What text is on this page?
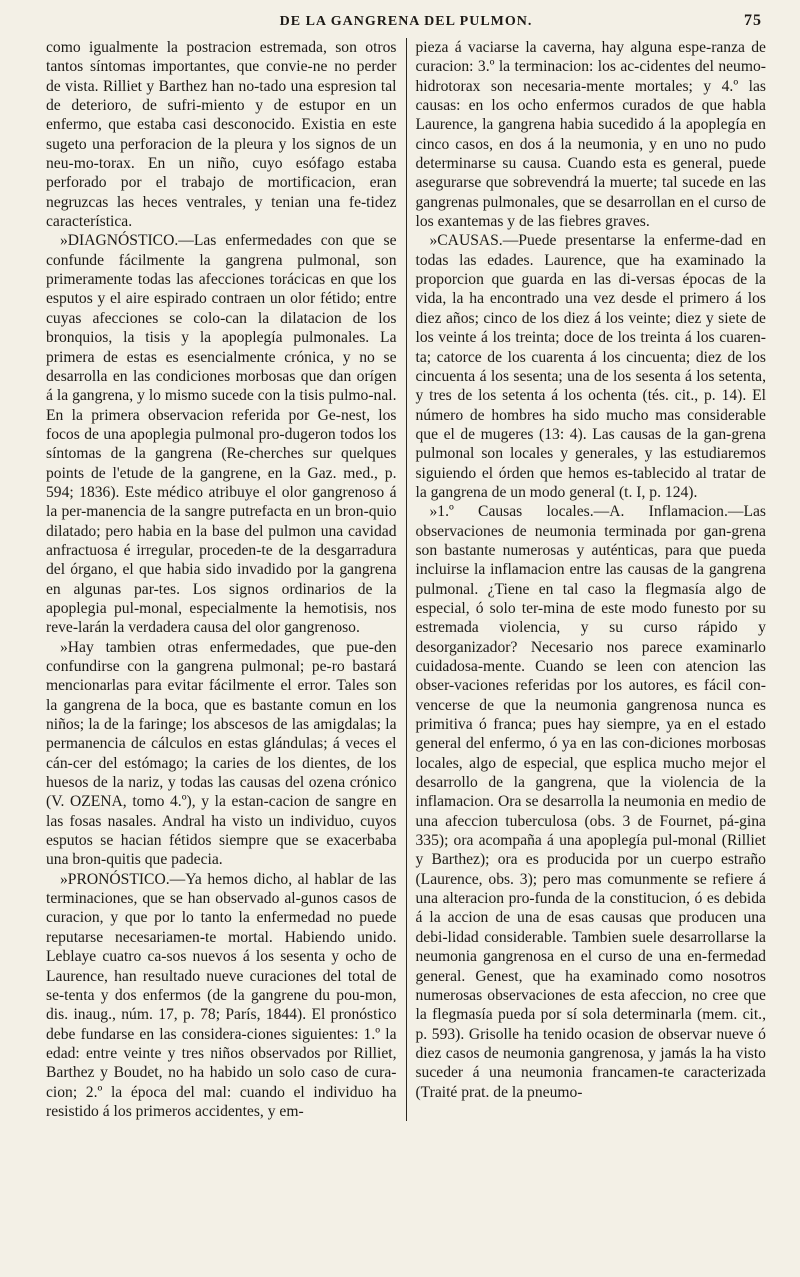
DE LA GANGRENA DEL PULMON.	75

como igualmente la postracion estremada, son otros tantos síntomas importantes, que convie-ne no perder de vista. Rilliet y Barthez han no-tado una espresion tal de deterioro, de sufri-miento y de estupor en un enfermo, que estaba casi desconocido. Existia en este sugeto una perforacion de la pleura y los signos de un neu-mo-torax. En un niño, cuyo esófago estaba perforado por el trabajo de mortificacion, eran negruzcas las heces ventrales, y tenian una fe-tidez característica.

»DIAGNÓSTICO.—Las enfermedades con que se confunde fácilmente la gangrena pulmonal, son primeramente todas las afecciones torácicas en que los esputos y el aire espirado contraen un olor fétido; entre cuyas afecciones se colo-can la dilatacion de los bronquios, la tisis y la apoplegía pulmonales. La primera de estas es esencialmente crónica, y no se desarrolla en las condiciones morbosas que dan orígen á la gangrena, y lo mismo sucede con la tisis pulmo-nal. En la primera observacion referida por Ge-nest, los focos de una apoplegia pulmonal pro-dugeron todos los síntomas de la gangrena (Re-cherches sur quelques points de l'etude de la gangrene, en la Gaz. med., p. 594; 1836). Este médico atribuye el olor gangrenoso á la per-manencia de la sangre putrefacta en un bron-quio dilatado; pero habia en la base del pulmon una cavidad anfractuosa é irregular, proceden-te de la desgarradura del órgano, el que habia sido invadido por la gangrena en algunas par-tes. Los signos ordinarios de la apoplegia pul-monal, especialmente la hemotisis, nos reve-larán la verdadera causa del olor gangrenoso.

»Hay tambien otras enfermedades, que pue-den confundirse con la gangrena pulmonal; pe-ro bastará mencionarlas para evitar fácilmente el error. Tales son la gangrena de la boca, que es bastante comun en los niños; la de la faringe; los abscesos de las amigdalas; la permanencia de cálculos en estas glándulas; á veces el cán-cer del estómago; la caries de los dientes, de los huesos de la nariz, y todas las causas del ozena crónico (V. OZENA, tomo 4.º), y la estan-cacion de sangre en las fosas nasales. Andral ha visto un individuo, cuyos esputos se hacian fétidos siempre que se exacerbaba una bron-quitis que padecia.

»PRONÓSTICO.—Ya hemos dicho, al hablar de las terminaciones, que se han observado al-gunos casos de curacion, y que por lo tanto la enfermedad no puede reputarse necesariamen-te mortal. Habiendo unido. Leblaye cuatro ca-sos nuevos á los sesenta y ocho de Laurence, han resultado nueve curaciones del total de se-tenta y dos enfermos (de la gangrene du pou-mon, dis. inaug., núm. 17, p. 78; París, 1844). El pronóstico debe fundarse en las considera-ciones siguientes: 1.º la edad: entre veinte y tres niños observados por Rilliet, Barthez y Boudet, no ha habido un solo caso de cura-cion; 2.º la época del mal: cuando el individuo ha resistido á los primeros accidentes, y em-

pieza á vaciarse la caverna, hay alguna espe-ranza de curacion: 3.º la terminacion: los ac-cidentes del neumo-hidrotorax son necesaria-mente mortales; y 4.º las causas: en los ocho enfermos curados de que habla Laurence, la gangrena habia sucedido á la apoplegía en cinco casos, en dos á la neumonia, y en uno no pudo determinarse su causa. Cuando esta es general, puede asegurarse que sobrevendrá la muerte; tal sucede en las gangrenas pulmonales, que se desarrollan en el curso de los exantemas y de las fiebres graves.

»CAUSAS.—Puede presentarse la enferme-dad en todas las edades. Laurence, que ha examinado la proporcion que guarda en las di-versas épocas de la vida, la ha encontrado una vez desde el primero á los diez años; cinco de los diez á los veinte; diez y siete de los veinte á los treinta; doce de los treinta á los cuaren-ta; catorce de los cuarenta á los cincuenta; diez de los cincuenta á los sesenta; una de los sesenta á los setenta, y tres de los setenta á los ochenta (tés. cit., p. 14). El número de hombres ha sido mucho mas considerable que el de mugeres (13: 4). Las causas de la gan-grena pulmonal son locales y generales, y las estudiaremos siguiendo el órden que hemos es-tablecido al tratar de la gangrena de un modo general (t. I, p. 124).

»1.º Causas locales.—A. Inflamacion.—Las observaciones de neumonia terminada por gan-grena son bastante numerosas y auténticas, para que pueda incluirse la inflamacion entre las causas de la gangrena pulmonal. ¿Tiene en tal caso la flegmasía algo de especial, ó solo ter-mina de este modo funesto por su estremada violencia, y su curso rápido y desorganizador? Necesario nos parece examinarlo cuidadosa-mente. Cuando se leen con atencion las obser-vaciones referidas por los autores, es fácil con-vencerse de que la neumonia gangrenosa nunca es primitiva ó franca; pues hay siempre, ya en el estado general del enfermo, ó ya en las con-diciones morbosas locales, algo de especial, que esplica mucho mejor el desarrollo de la gangrena, que la violencia de la inflamacion. Ora se desarrolla la neumonia en medio de una afeccion tuberculosa (obs. 3 de Fournet, pá-gina 335); ora acompaña á una apoplegía pul-monal (Rilliet y Barthez); ora es producida por un cuerpo estraño (Laurence, obs. 3); pero mas comunmente se refiere á una alteracion pro-funda de la constitucion, ó es debida á la accion de una de esas causas que producen una debi-lidad considerable. Tambien suele desarrollarse la neumonia gangrenosa en el curso de una en-fermedad general. Genest, que ha examinado como nosotros numerosas observaciones de esta afeccion, no cree que la flegmasía pueda por sí sola determinarla (mem. cit., p. 593). Grisolle ha tenido ocasion de observar nueve ó diez casos de neumonia gangrenosa, y jamás la ha visto suceder á una neumonia francamen-te caracterizada (Traité prat. de la pneumo-
